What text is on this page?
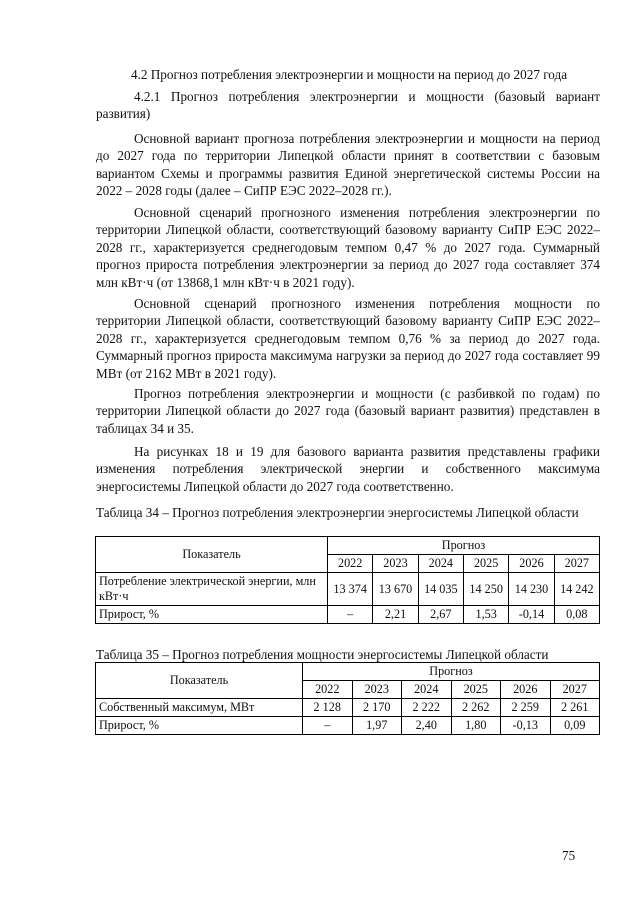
4.2 Прогноз потребления электроэнергии и мощности на период до 2027 года

4.2.1 Прогноз потребления электроэнергии и мощности (базовый вариант развития)

Основной вариант прогноза потребления электроэнергии и мощности на период до 2027 года по территории Липецкой области принят в соответствии с базовым вариантом Схемы и программы развития Единой энергетической системы России на 2022 – 2028 годы (далее – СиПР ЕЭС 2022–2028 гг.).

Основной сценарий прогнозного изменения потребления электроэнергии по территории Липецкой области, соответствующий базовому варианту СиПР ЕЭС 2022–2028 гг., характеризуется среднегодовым темпом 0,47 % до 2027 года. Суммарный прогноз прироста потребления электроэнергии за период до 2027 года составляет 374 млн кВт·ч (от 13868,1 млн кВт·ч в 2021 году).

Основной сценарий прогнозного изменения потребления мощности по территории Липецкой области, соответствующий базовому варианту СиПР ЕЭС 2022–2028 гг., характеризуется среднегодовым темпом 0,76 % за период до 2027 года. Суммарный прогноз прироста максимума нагрузки за период до 2027 года составляет 99 МВт (от 2162 МВт в 2021 году).

Прогноз потребления электроэнергии и мощности (с разбивкой по годам) по территории Липецкой области до 2027 года (базовый вариант развития) представлен в таблицах 34 и 35.

На рисунках 18 и 19 для базового варианта развития представлены графики изменения потребления электрической энергии и собственного максимума энергосистемы Липецкой области до 2027 года соответственно.

Таблица 34 – Прогноз потребления электроэнергии энергосистемы Липецкой области

Показатель	Прогноз					
	2022	2023	2024	2025	2026	2027
Потребление электрической энергии, млн кВт·ч	13 374	13 670	14 035	14 250	14 230	14 242
Прирост, %	–	2,21	2,67	1,53	-0,14	0,08

Таблица 35 – Прогноз потребления мощности энергосистемы Липецкой области

Показатель	Прогноз					
	2022	2023	2024	2025	2026	2027
Собственный максимум, МВт	2 128	2 170	2 222	2 262	2 259	2 261
Прирост, %	–	1,97	2,40	1,80	-0,13	0,09
75
